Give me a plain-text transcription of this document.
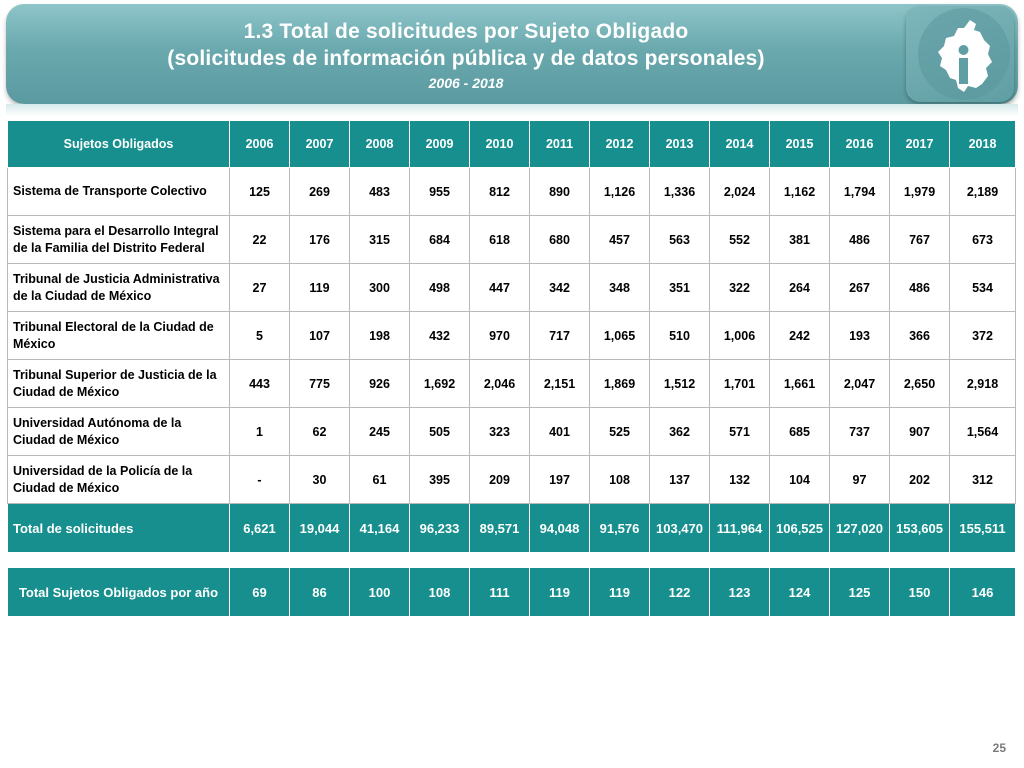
1.3 Total de solicitudes por Sujeto Obligado
(solicitudes de información pública y de datos personales)
2006 - 2018
Sujetos Obligados	2006	2007	2008	2009	2010	2011	2012	2013	2014	2015	2016	2017	2018
Sistema de Transporte Colectivo	125	269	483	955	812	890	1,126	1,336	2,024	1,162	1,794	1,979	2,189
Sistema para el Desarrollo Integral de la Familia del Distrito Federal	22	176	315	684	618	680	457	563	552	381	486	767	673
Tribunal de Justicia Administrativa de la Ciudad de México	27	119	300	498	447	342	348	351	322	264	267	486	534
Tribunal Electoral de la Ciudad de México	5	107	198	432	970	717	1,065	510	1,006	242	193	366	372
Tribunal Superior de Justicia de la Ciudad de México	443	775	926	1,692	2,046	2,151	1,869	1,512	1,701	1,661	2,047	2,650	2,918
Universidad Autónoma de la Ciudad de México	1	62	245	505	323	401	525	362	571	685	737	907	1,564
Universidad de la Policía de la Ciudad de México	-	30	61	395	209	197	108	137	132	104	97	202	312
Total de solicitudes	6,621	19,044	41,164	96,233	89,571	94,048	91,576	103,470	111,964	106,525	127,020	153,605	155,511
Total Sujetos Obligados por año	69	86	100	108	111	119	119	122	123	124	125	150	146
25
